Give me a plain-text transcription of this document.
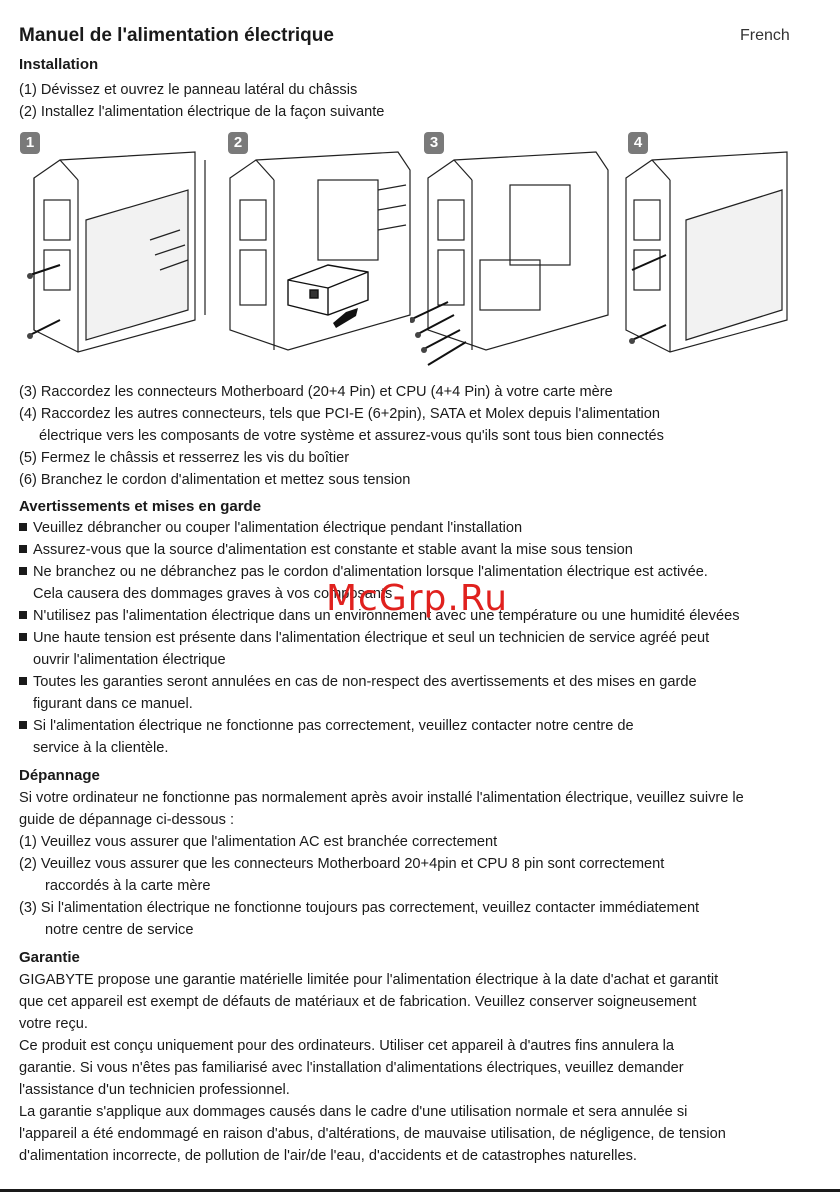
Manuel de l'alimentation électrique	French
Installation
(1) Dévissez et ouvrez le panneau latéral du châssis
(2) Installez l'alimentation électrique de la façon suivante
1	2	3	4
(3) Raccordez les connecteurs Motherboard (20+4 Pin) et CPU (4+4 Pin) à votre carte mère
(4) Raccordez les autres connecteurs, tels que PCI-E (6+2pin), SATA et Molex depuis l'alimentation
électrique vers les composants de votre système et assurez-vous qu'ils sont tous bien connectés
(5) Fermez le châssis et resserrez les vis du boîtier
(6) Branchez le cordon d'alimentation et mettez sous tension
Avertissements et mises en garde
Veuillez débrancher ou couper l'alimentation électrique pendant l'installation
Assurez-vous que la source d'alimentation est constante et stable avant la mise sous tension
Ne branchez ou ne débranchez pas le cordon d'alimentation lorsque l'alimentation électrique est activée.
Cela causera des dommages graves à vos composants
N'utilisez pas l'alimentation électrique dans un environnement avec une température ou une humidité élevées
Une haute tension est présente dans l'alimentation électrique et seul un technicien de service agréé peut
ouvrir l'alimentation électrique
Toutes les garanties seront annulées en cas de non-respect des avertissements et des mises en garde
figurant dans ce manuel.
Si l'alimentation électrique ne fonctionne pas correctement, veuillez contacter notre centre de
service à la clientèle.
Dépannage
Si votre ordinateur ne fonctionne pas normalement après avoir installé l'alimentation électrique, veuillez suivre le
guide de dépannage ci-dessous :
(1) Veuillez vous assurer que l'alimentation AC est branchée correctement
(2) Veuillez vous assurer que les connecteurs Motherboard 20+4pin et CPU 8 pin sont correctement
raccordés à la carte mère
(3) Si l'alimentation électrique ne fonctionne toujours pas correctement, veuillez contacter immédiatement
notre centre de service
Garantie
GIGABYTE propose une garantie matérielle limitée pour l'alimentation électrique à la date d'achat et garantit
que cet appareil est exempt de défauts de matériaux et de fabrication. Veuillez conserver soigneusement
votre reçu.
Ce produit est conçu uniquement pour des ordinateurs. Utiliser cet appareil à d'autres fins annulera la
garantie. Si vous n'êtes pas familiarisé avec l'installation d'alimentations électriques, veuillez demander
l'assistance d'un technicien professionnel.
La garantie s'applique aux dommages causés dans le cadre d'une utilisation normale et sera annulée si
l'appareil a été endommagé en raison d'abus, d'altérations, de mauvaise utilisation, de négligence, de tension
d'alimentation incorrecte, de pollution de l'air/de l'eau, d'accidents et de catastrophes naturelles.
McGrp.Ru
